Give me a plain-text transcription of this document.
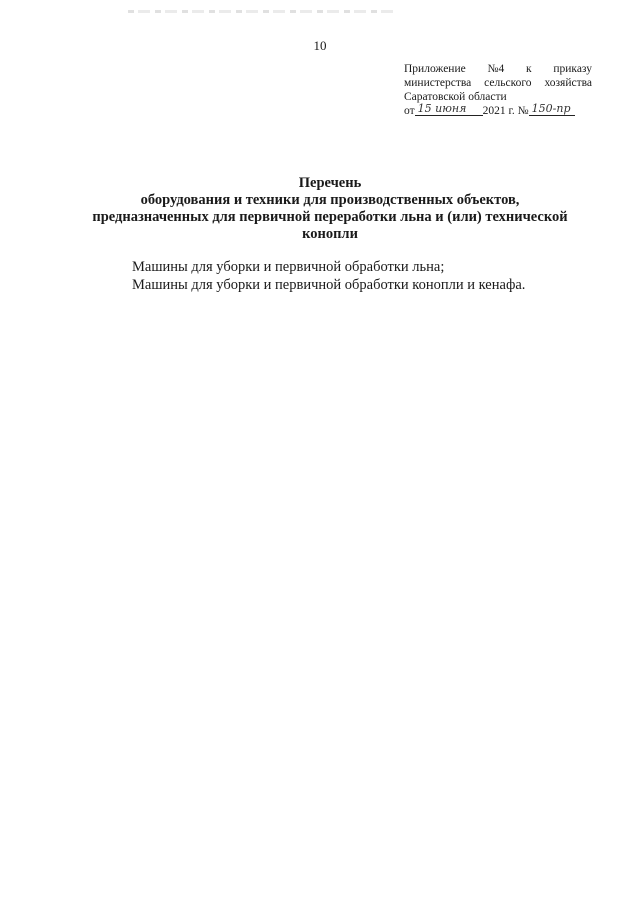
10
Приложение №4 к приказу
министерства сельского хозяйства
Саратовской области
от 15 июня	2021 г. № 150-пр
Перечень
оборудования и техники для производственных объектов,
предназначенных для первичной переработки льна и (или) технической
конопли
Машины для уборки и первичной обработки льна;
Машины для уборки и первичной обработки конопли и кенафа.
